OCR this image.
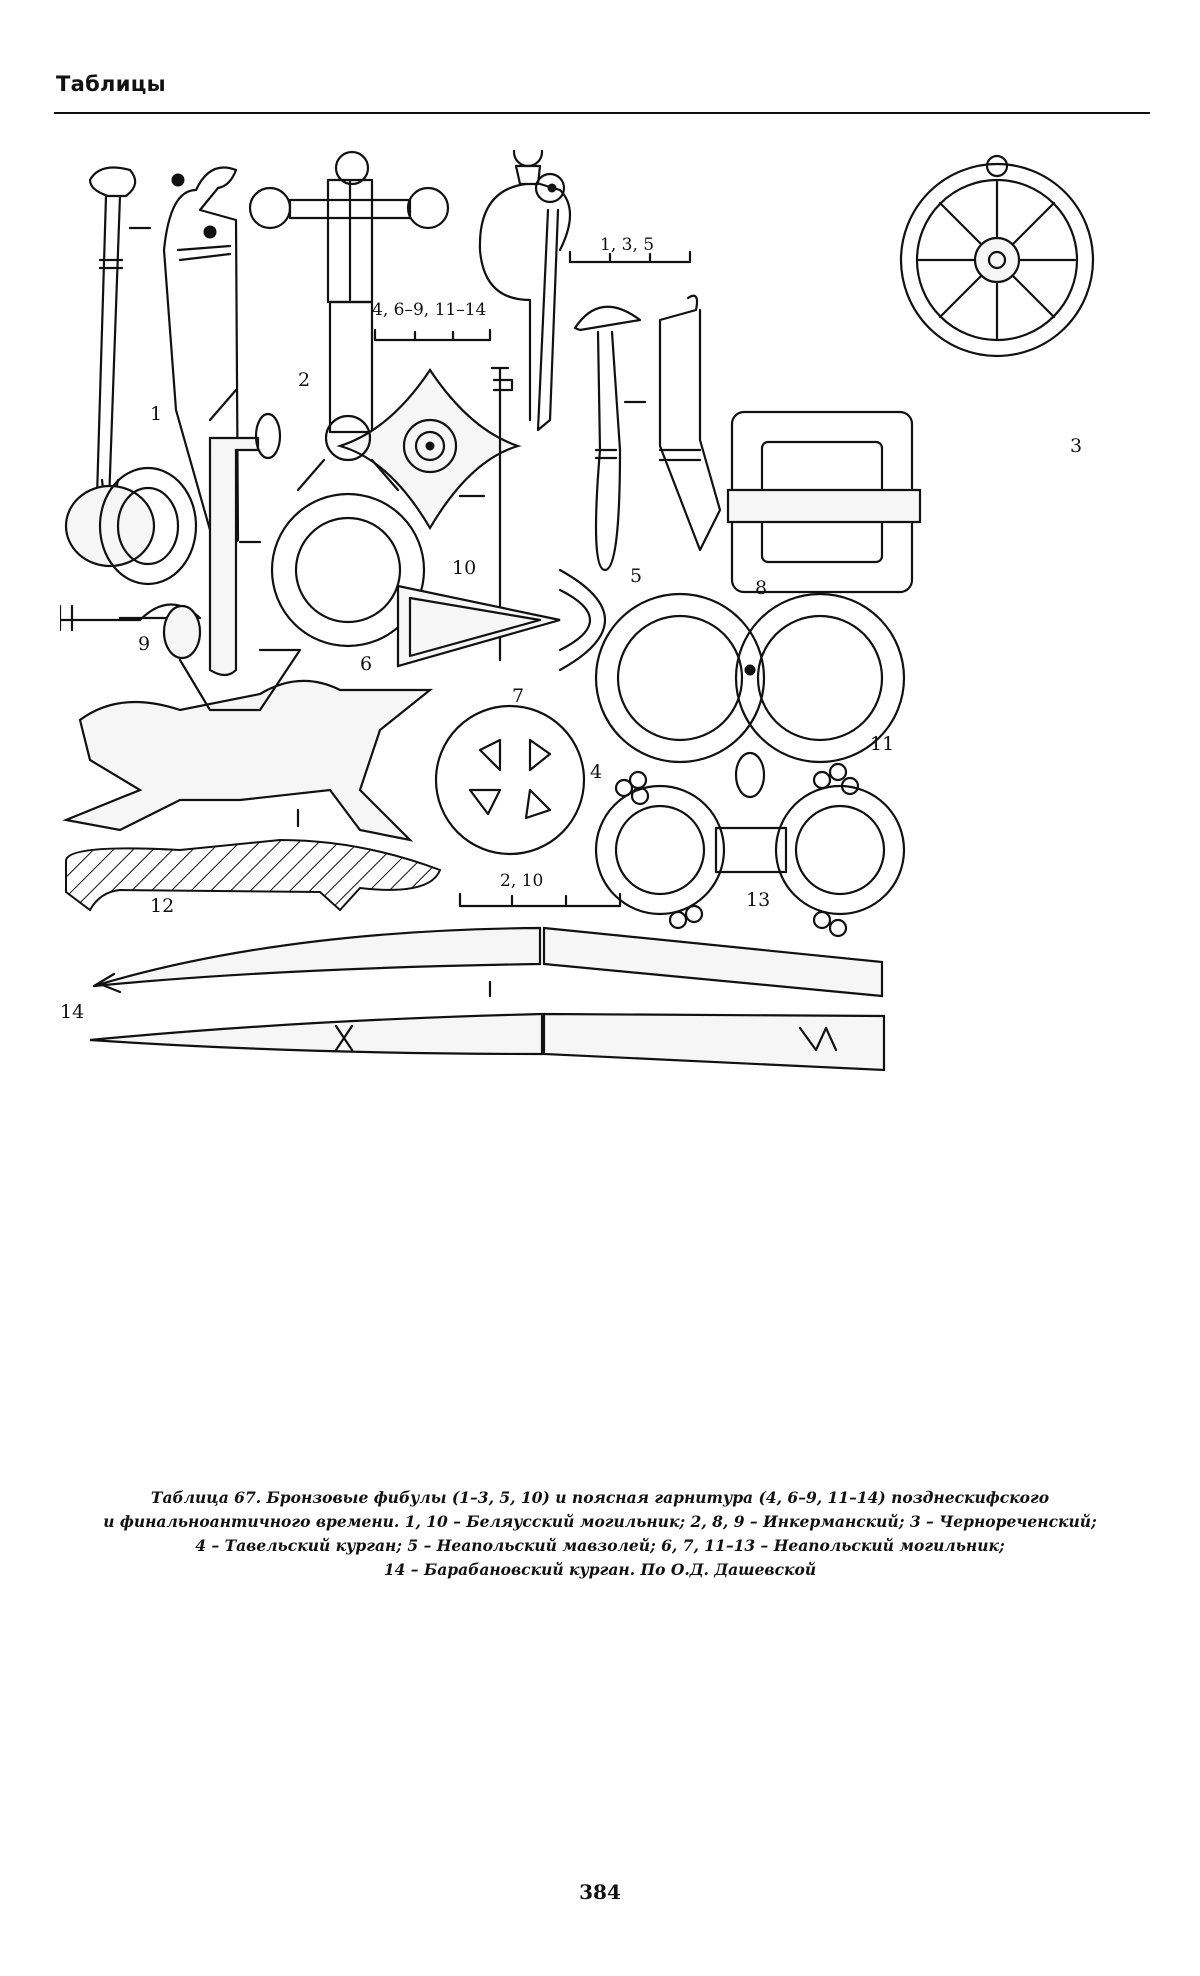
Таблицы
1
2
4, 6–9, 11–14
1, 3, 5
3
10	5
8
9
6
7
11
4
13
12
2, 10
14
Таблица 67. Бронзовые фибулы (1–3, 5, 10) и поясная гарнитура (4, 6–9, 11–14) позднескифского
и финальноантичного времени. 1, 10 – Беляусский могильник; 2, 8, 9 – Инкерманский; 3 – Чернореченский;
4 – Тавельский курган; 5 – Неапольский мавзолей; 6, 7, 11–13 – Неапольский могильник;
14 – Барабановский курган. По О.Д. Дашевской
384
